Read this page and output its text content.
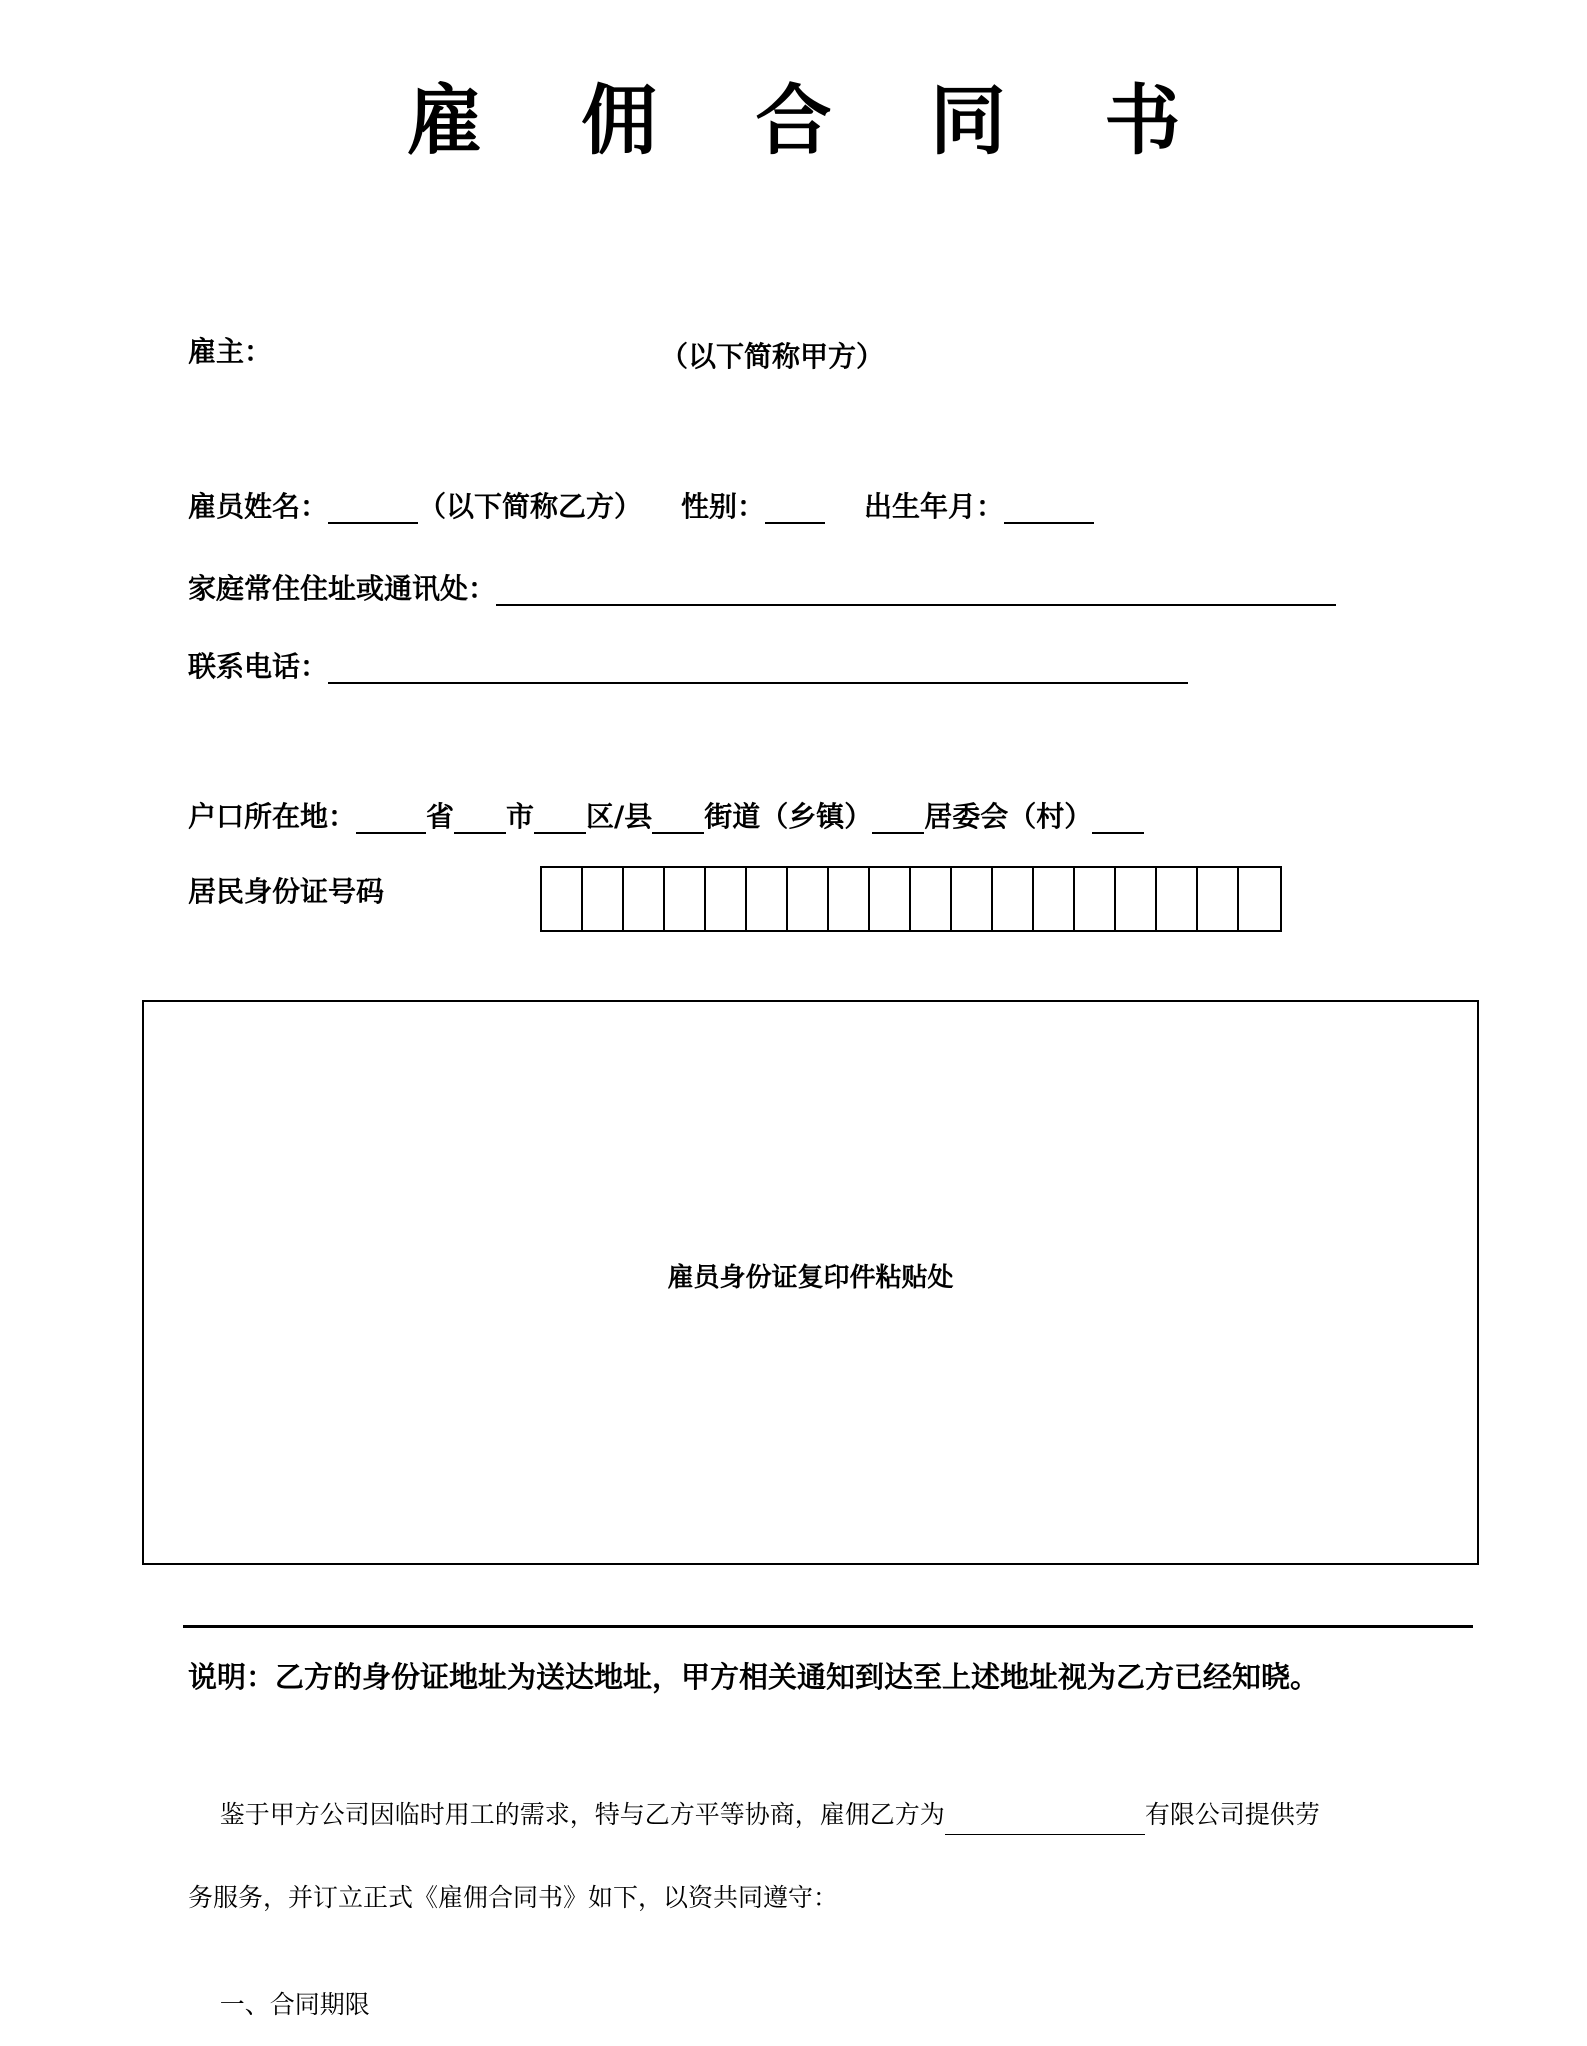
雇 佣 合 同 书
雇主：	（以下简称甲方）
雇员姓名：	（以下简称乙方） 性别：	出生年月：
家庭常住住址或通讯处：
联系电话：
户口所在地：	省 市 区/县 街道（乡镇） 居委会（村）
居民身份证号码
雇员身份证复印件粘贴处
说明：乙方的身份证地址为送达地址，甲方相关通知到达至上述地址视为乙方已经知晓。
鉴于甲方公司因临时用工的需求，特与乙方平等协商，雇佣乙方为	有限公司提供劳
务服务，并订立正式《雇佣合同书》如下，以资共同遵守：
一、合同期限
